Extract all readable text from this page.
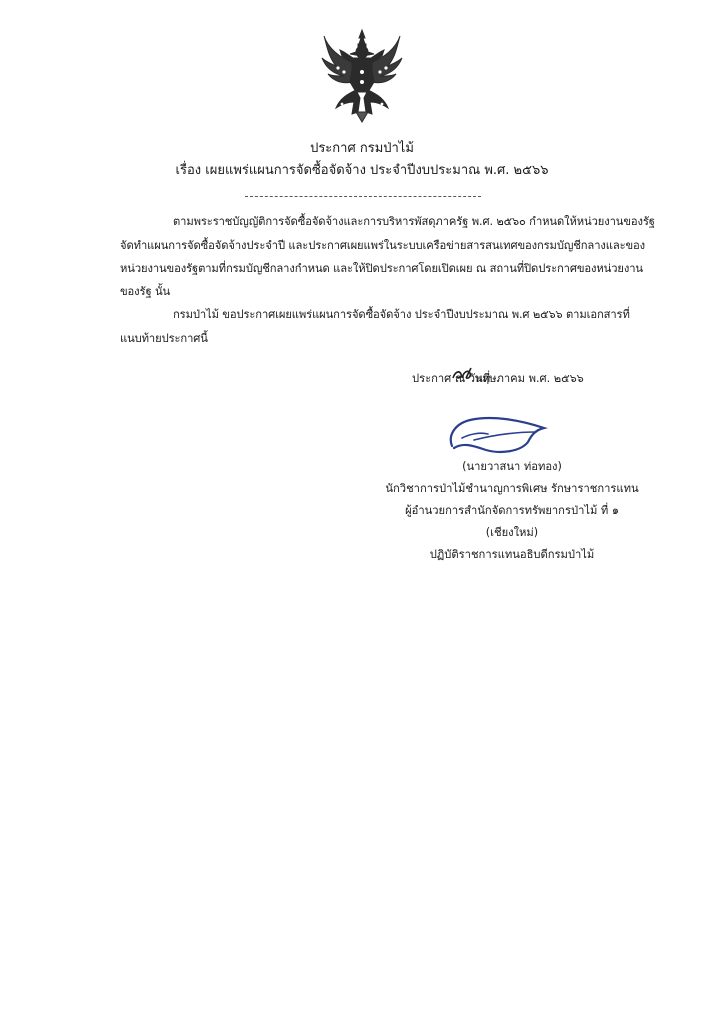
ประกาศ กรมป่าไม้
เรื่อง เผยแพร่แผนการจัดซื้อจัดจ้าง ประจำปีงบประมาณ พ.ศ. ๒๕๖๖
ตามพระราชบัญญัติการจัดซื้อจัดจ้างและการบริหารพัสดุภาครัฐ พ.ศ. ๒๕๖๐ กำหนดให้หน่วยงานของรัฐ
จัดทำแผนการจัดซื้อจัดจ้างประจำปี และประกาศเผยแพร่ในระบบเครือข่ายสารสนเทศของกรมบัญชีกลางและของ
หน่วยงานของรัฐตามที่กรมบัญชีกลางกำหนด และให้ปิดประกาศโดยเปิดเผย ณ สถานที่ปิดประกาศของหน่วยงาน
ของรัฐ นั้น
กรมป่าไม้ ขอประกาศเผยแพร่แผนการจัดซื้อจัดจ้าง ประจำปีงบประมาณ พ.ศ ๒๕๖๖ ตามเอกสารที่
แนบท้ายประกาศนี้
ประกาศ ณ วันที่
พฤษภาคม พ.ศ. ๒๕๖๖
(นายวาสนา ท่อทอง)
นักวิชาการป่าไม้ชำนาญการพิเศษ รักษาราชการแทน
ผู้อำนวยการสำนักจัดการทรัพยากรป่าไม้ ที่ ๑
(เชียงใหม่)
ปฏิบัติราชการแทนอธิบดีกรมป่าไม้
